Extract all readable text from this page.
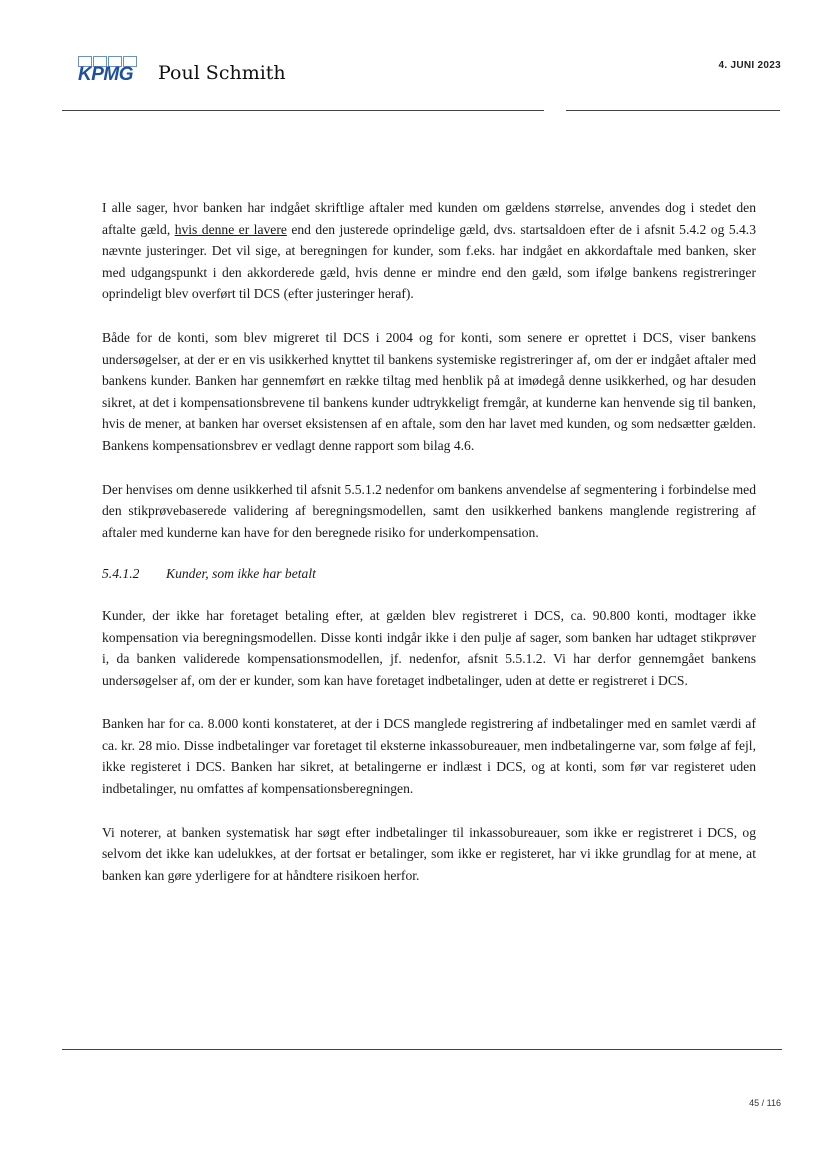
KPMG Poul Schmith	4. JUNI 2023

I alle sager, hvor banken har indgået skriftlige aftaler med kunden om gældens størrelse, anvendes dog i stedet den aftalte gæld, hvis denne er lavere end den justerede oprindelige gæld, dvs. startsaldoen efter de i afsnit 5.4.2 og 5.4.3 nævnte justeringer. Det vil sige, at beregningen for kunder, som f.eks. har indgået en akkordaftale med banken, sker med udgangspunkt i den akkorderede gæld, hvis denne er mindre end den gæld, som ifølge bankens registreringer oprindeligt blev overført til DCS (efter justeringer heraf).

Både for de konti, som blev migreret til DCS i 2004 og for konti, som senere er oprettet i DCS, viser bankens undersøgelser, at der er en vis usikkerhed knyttet til bankens systemiske registreringer af, om der er indgået aftaler med bankens kunder. Banken har gennemført en række tiltag med henblik på at imødegå denne usikkerhed, og har desuden sikret, at det i kompensationsbrevene til bankens kunder udtrykkeligt fremgår, at kunderne kan henvende sig til banken, hvis de mener, at banken har overset eksistensen af en aftale, som den har lavet med kunden, og som nedsætter gælden. Bankens kompensationsbrev er vedlagt denne rapport som bilag 4.6.

Der henvises om denne usikkerhed til afsnit 5.5.1.2 nedenfor om bankens anvendelse af segmentering i forbindelse med den stikprøvebaserede validering af beregningsmodellen, samt den usikkerhed bankens manglende registrering af aftaler med kunderne kan have for den beregnede risiko for underkompensation.

5.4.1.2 Kunder, som ikke har betalt

Kunder, der ikke har foretaget betaling efter, at gælden blev registreret i DCS, ca. 90.800 konti, modtager ikke kompensation via beregningsmodellen. Disse konti indgår ikke i den pulje af sager, som banken har udtaget stikprøver i, da banken validerede kompensationsmodellen, jf. nedenfor, afsnit 5.5.1.2. Vi har derfor gennemgået bankens undersøgelser af, om der er kunder, som kan have foretaget indbetalinger, uden at dette er registreret i DCS.

Banken har for ca. 8.000 konti konstateret, at der i DCS manglede registrering af indbetalinger med en samlet værdi af ca. kr. 28 mio. Disse indbetalinger var foretaget til eksterne inkassobureauer, men indbetalingerne var, som følge af fejl, ikke registeret i DCS. Banken har sikret, at betalingerne er indlæst i DCS, og at konti, som før var registeret uden indbetalinger, nu omfattes af kompensationsberegningen.

Vi noterer, at banken systematisk har søgt efter indbetalinger til inkassobureauer, som ikke er registreret i DCS, og selvom det ikke kan udelukkes, at der fortsat er betalinger, som ikke er registeret, har vi ikke grundlag for at mene, at banken kan gøre yderligere for at håndtere risikoen herfor.

45 / 116
